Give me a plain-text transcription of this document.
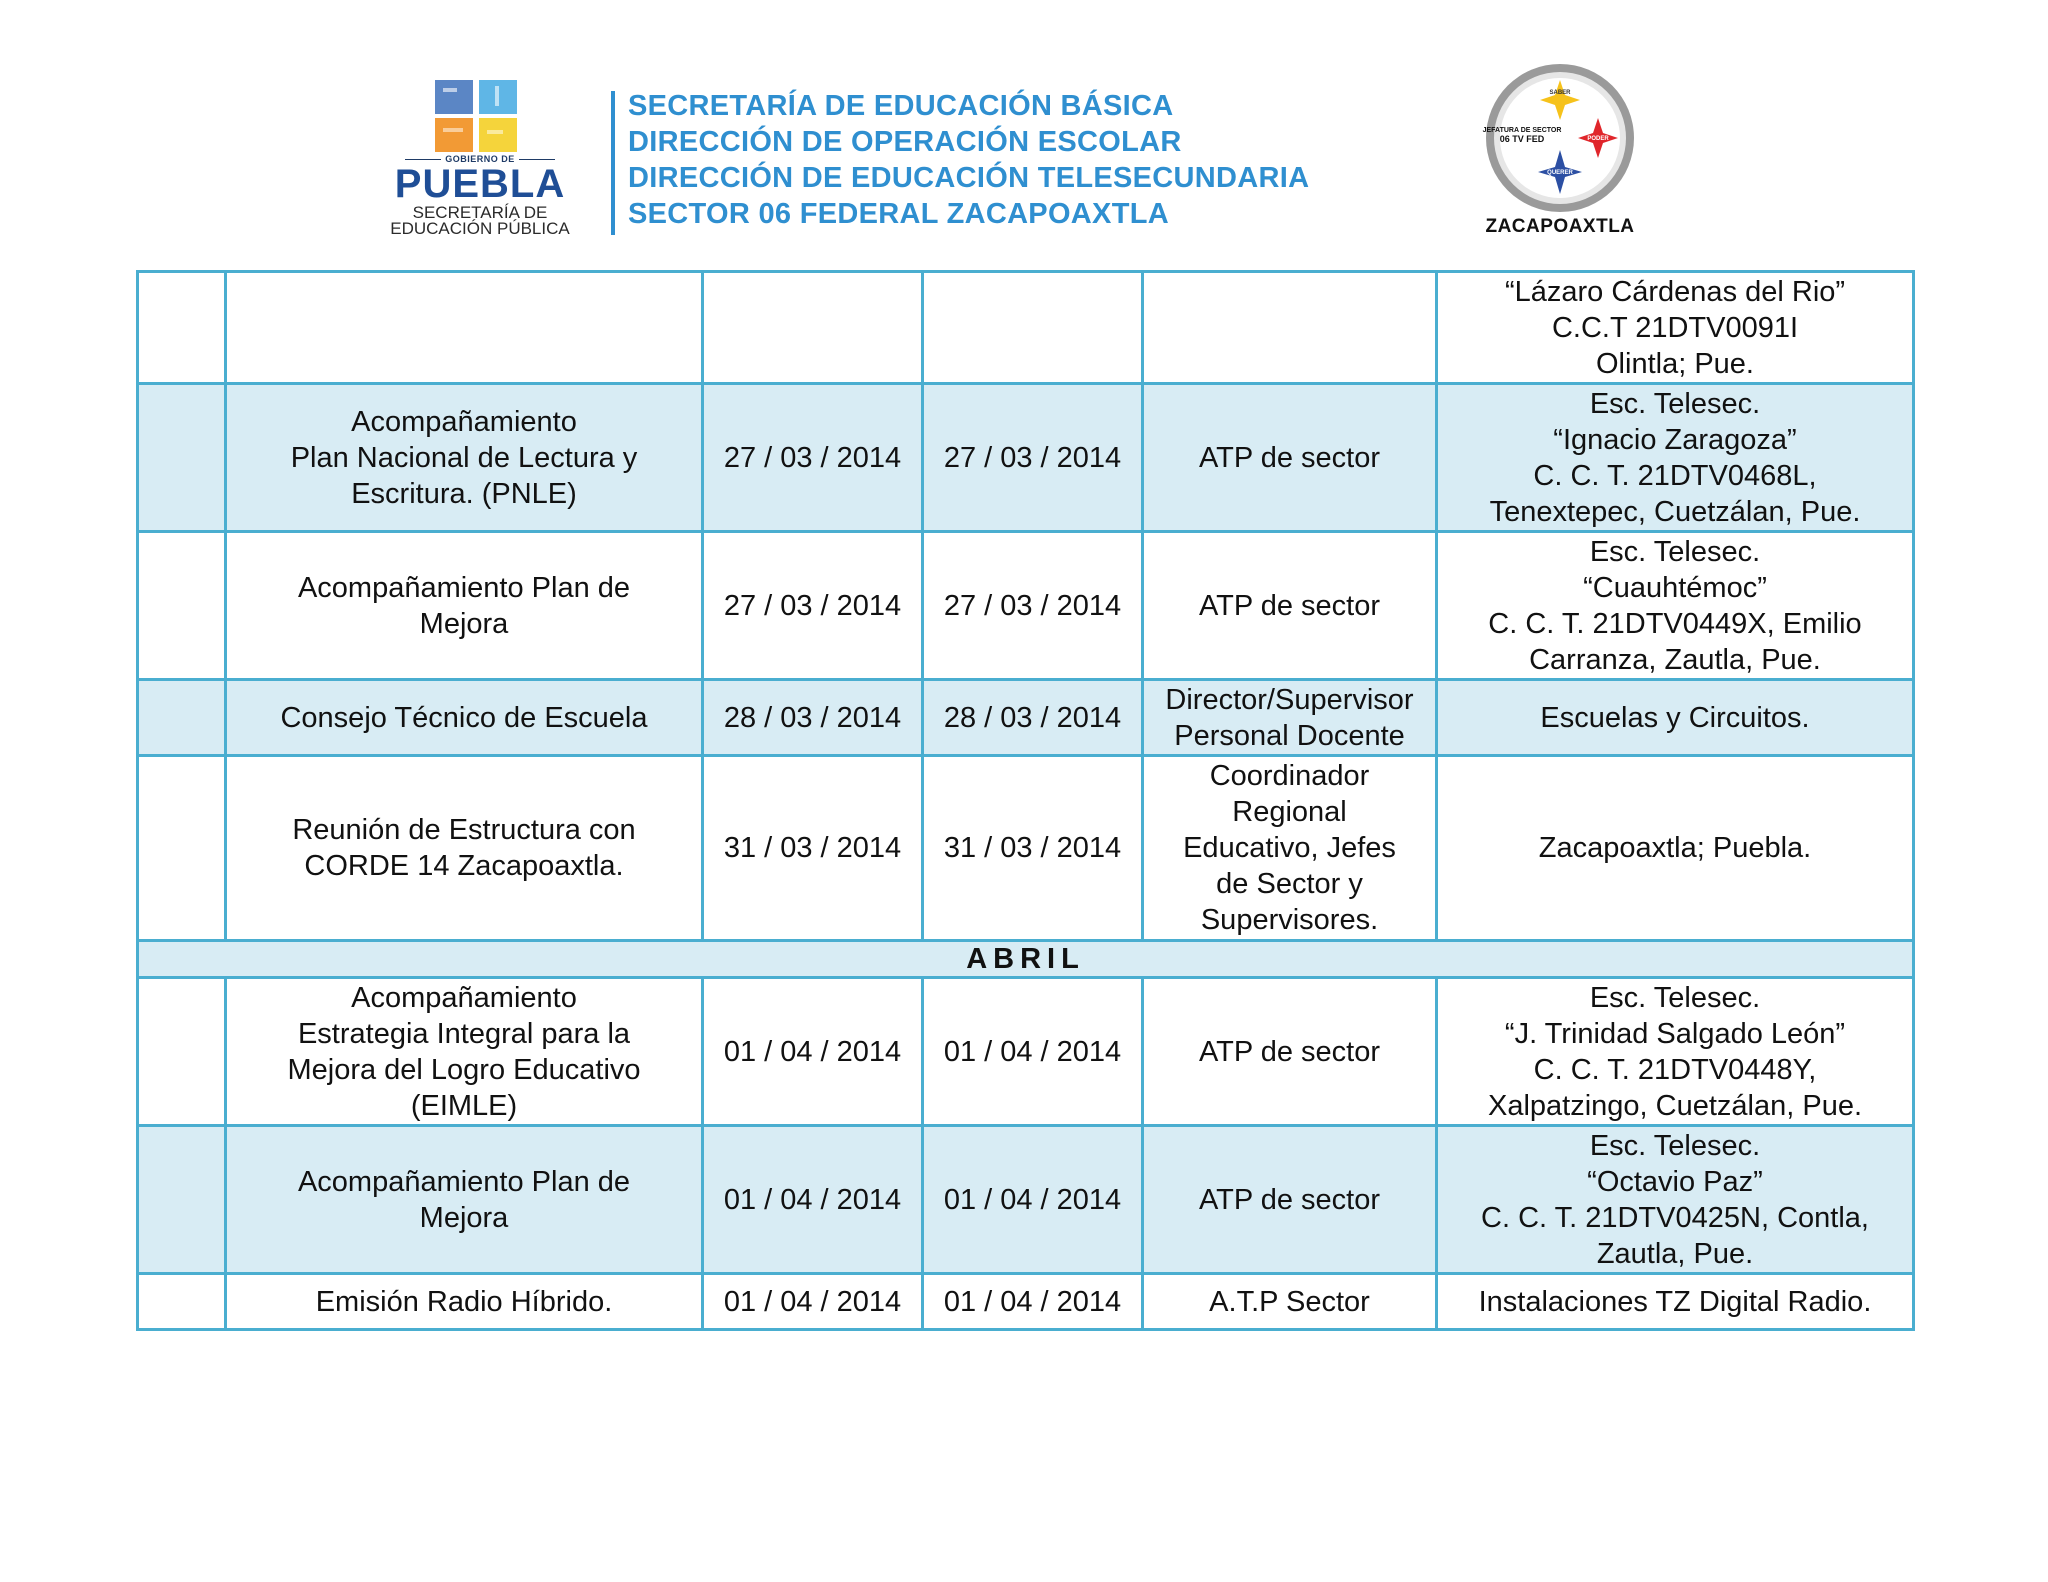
GOBIERNO DE
PUEBLA
SECRETARÍA DE
EDUCACIÓN PÚBLICA
SECRETARÍA DE EDUCACIÓN BÁSICA
DIRECCIÓN DE OPERACIÓN ESCOLAR
DIRECCIÓN DE EDUCACIÓN TELESECUNDARIA
SECTOR 06 FEDERAL ZACAPOAXTLA
SABER
PODER
QUERER
JEFATURA DE SECTOR
06 TV FED
ZACAPOAXTLA

					“Lázaro Cárdenas del Rio”
C.C.T 21DTV0091I
Olintla; Pue.

	Acompañamiento
Plan Nacional de Lectura y
Escritura. (PNLE)	27 / 03 / 2014	27 / 03 / 2014	ATP de sector	Esc. Telesec.
“Ignacio Zaragoza”
C. C. T. 21DTV0468L,
Tenextepec, Cuetzálan, Pue.

	Acompañamiento Plan de
Mejora	27 / 03 / 2014	27 / 03 / 2014	ATP de sector	Esc. Telesec.
“Cuauhtémoc”
C. C. T. 21DTV0449X, Emilio
Carranza, Zautla, Pue.

	Consejo Técnico de Escuela	28 / 03 / 2014	28 / 03 / 2014	Director/Supervisor
Personal Docente	Escuelas y Circuitos.

	Reunión de Estructura con
CORDE 14 Zacapoaxtla.	31 / 03 / 2014	31 / 03 / 2014	Coordinador
Regional
Educativo, Jefes
de Sector y
Supervisores.	Zacapoaxtla; Puebla.

ABRIL					

	Acompañamiento
Estrategia Integral para la
Mejora del Logro Educativo
(EIMLE)	01 / 04 / 2014	01 / 04 / 2014	ATP de sector	Esc. Telesec.
“J. Trinidad Salgado León”
C. C. T. 21DTV0448Y,
Xalpatzingo, Cuetzálan, Pue.

	Acompañamiento Plan de
Mejora	01 / 04 / 2014	01 / 04 / 2014	ATP de sector	Esc. Telesec.
“Octavio Paz”
C. C. T. 21DTV0425N, Contla,
Zautla, Pue.

	Emisión Radio Híbrido.	01 / 04 / 2014	01 / 04 / 2014	A.T.P Sector	Instalaciones TZ Digital Radio.
